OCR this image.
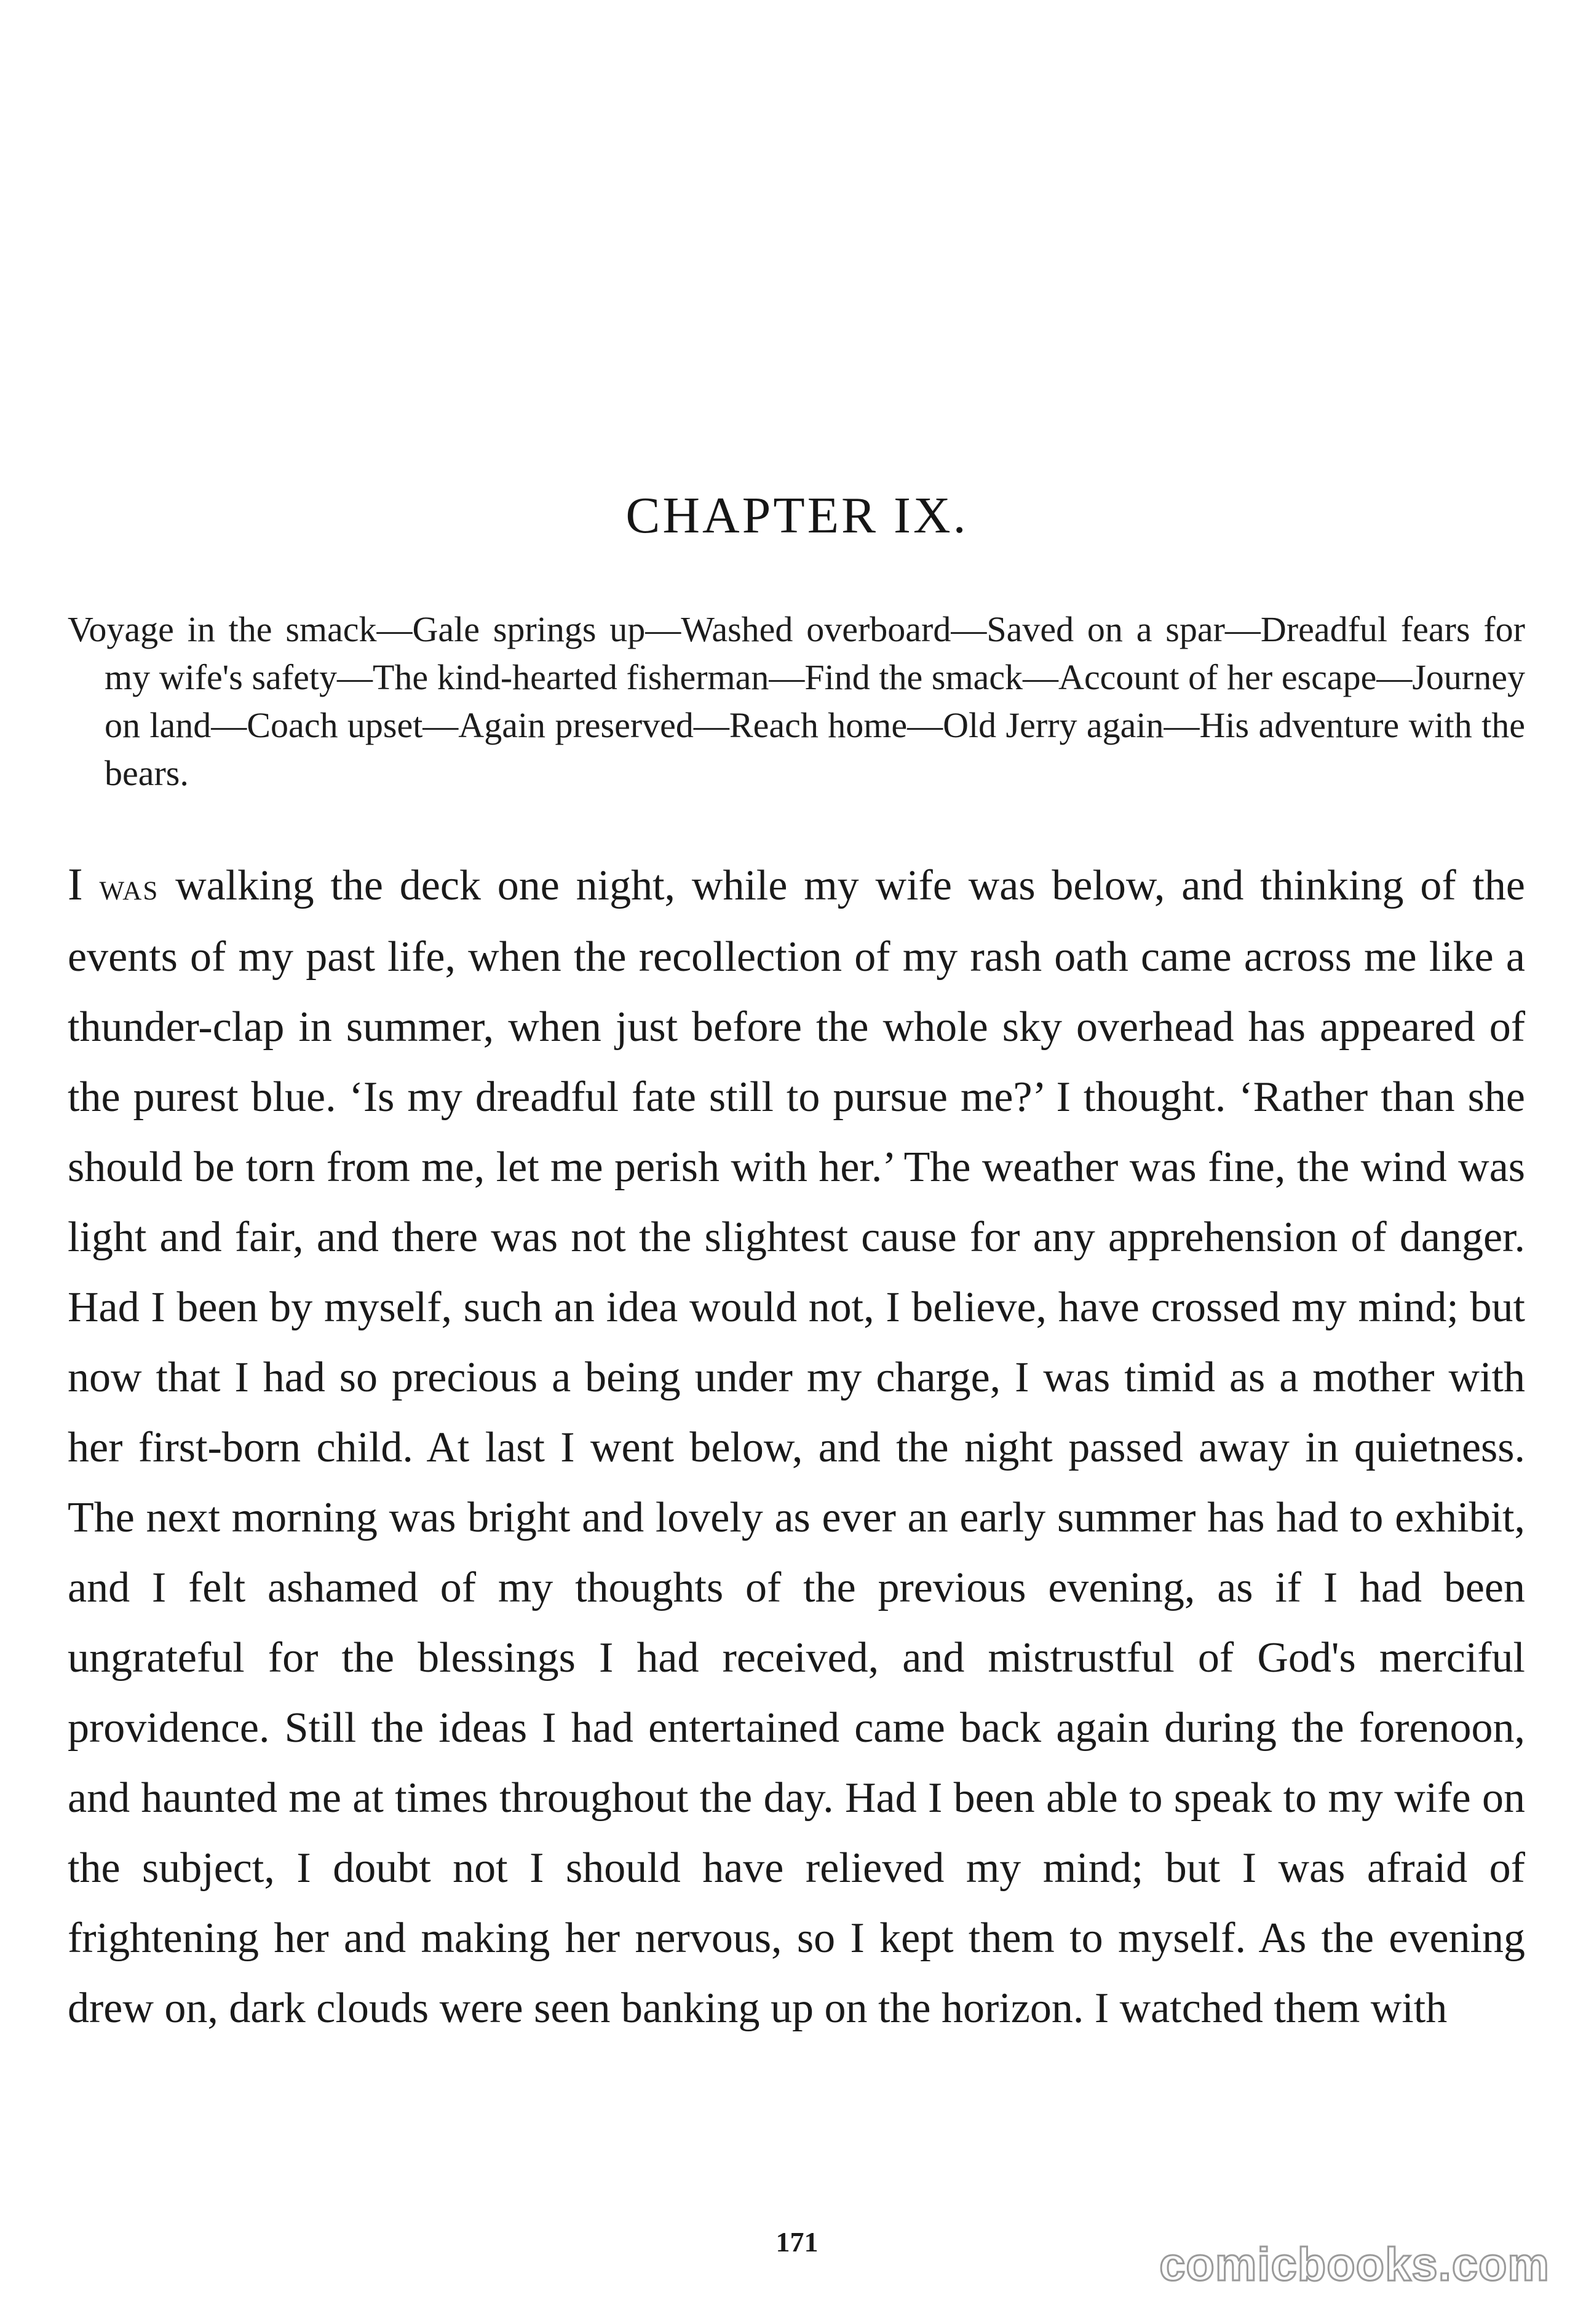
CHAPTER IX.
Voyage in the smack—Gale springs up—Washed overboard—Saved on a spar—Dreadful fears for my wife's safety—The kind-hearted fisherman—Find the smack—Account of her escape—Journey on land—Coach upset—Again preserved—Reach home—Old Jerry again—His adventure with the bears.
I was walking the deck one night, while my wife was below, and thinking of the events of my past life, when the recollection of my rash oath came across me like a thunder-clap in summer, when just before the whole sky overhead has appeared of the purest blue. ‘Is my dreadful fate still to pursue me?’ I thought. ‘Rather than she should be torn from me, let me perish with her.’ The weather was fine, the wind was light and fair, and there was not the slightest cause for any apprehension of danger. Had I been by myself, such an idea would not, I believe, have crossed my mind; but now that I had so precious a being under my charge, I was timid as a mother with her first-born child. At last I went below, and the night passed away in quietness. The next morning was bright and lovely as ever an early summer has had to exhibit, and I felt ashamed of my thoughts of the previous evening, as if I had been ungrateful for the blessings I had received, and mistrustful of God's merciful providence. Still the ideas I had entertained came back again during the forenoon, and haunted me at times throughout the day. Had I been able to speak to my wife on the subject, I doubt not I should have relieved my mind; but I was afraid of frightening her and making her nervous, so I kept them to myself. As the evening drew on, dark clouds were seen banking up on the horizon. I watched them with
171	comicbooks.com
